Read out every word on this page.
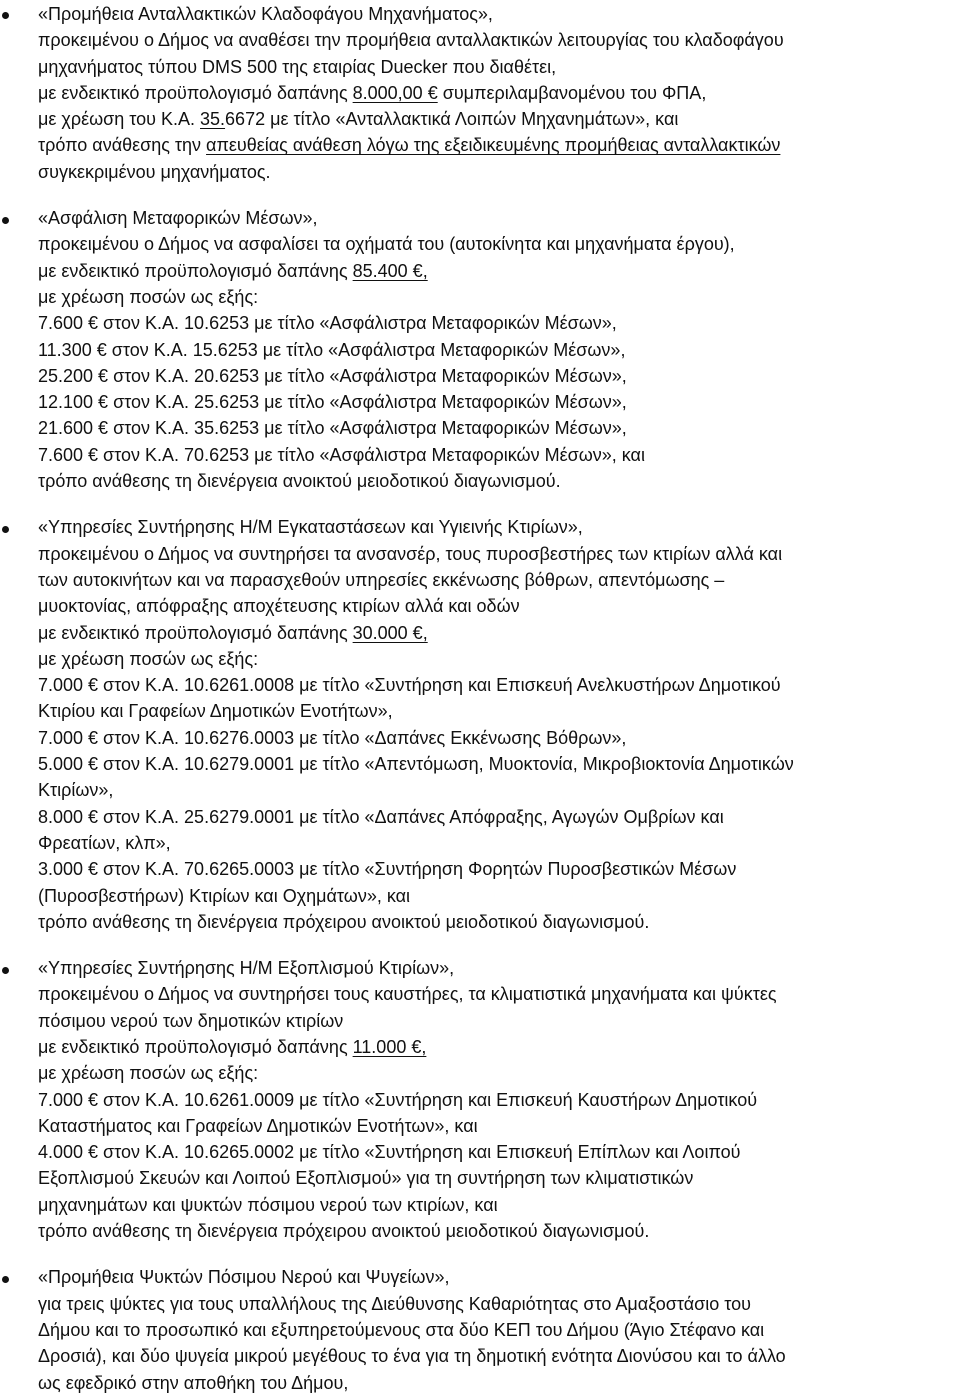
«Προμήθεια Ανταλλακτικών Κλαδοφάγου Μηχανήματος»,
προκειμένου ο Δήμος να αναθέσει την προμήθεια ανταλλακτικών λειτουργίας του κλαδοφάγου
μηχανήματος τύπου DMS 500 της εταιρίας Duecker που διαθέτει,
με ενδεικτικό προϋπολογισμό δαπάνης 8.000,00 € συμπεριλαμβανομένου του ΦΠΑ,
με χρέωση του Κ.Α. 35.6672 με τίτλο «Ανταλλακτικά Λοιπών Μηχανημάτων», και
τρόπο ανάθεσης την απευθείας ανάθεση λόγω της εξειδικευμένης προμήθειας ανταλλακτικών
συγκεκριμένου μηχανήματος.
«Ασφάλιση Μεταφορικών Μέσων»,
προκειμένου ο Δήμος να ασφαλίσει τα οχήματά του (αυτοκίνητα και μηχανήματα έργου),
με ενδεικτικό προϋπολογισμό δαπάνης 85.400 €,
με χρέωση ποσών ως εξής:
7.600 € στον Κ.Α. 10.6253 με τίτλο «Ασφάλιστρα Μεταφορικών Μέσων»,
11.300 € στον Κ.Α. 15.6253 με τίτλο «Ασφάλιστρα Μεταφορικών Μέσων»,
25.200 € στον Κ.Α. 20.6253 με τίτλο «Ασφάλιστρα Μεταφορικών Μέσων»,
12.100 € στον Κ.Α. 25.6253 με τίτλο «Ασφάλιστρα Μεταφορικών Μέσων»,
21.600 € στον Κ.Α. 35.6253 με τίτλο «Ασφάλιστρα Μεταφορικών Μέσων»,
7.600 € στον Κ.Α. 70.6253 με τίτλο «Ασφάλιστρα Μεταφορικών Μέσων», και
τρόπο ανάθεσης τη διενέργεια ανοικτού μειοδοτικού διαγωνισμού.
«Υπηρεσίες Συντήρησης Η/Μ Εγκαταστάσεων και Υγιεινής Κτιρίων»,
προκειμένου ο Δήμος να συντηρήσει τα ανσανσέρ, τους πυροσβεστήρες των κτιρίων αλλά και
των αυτοκινήτων και να παρασχεθούν υπηρεσίες εκκένωσης βόθρων, απεντόμωσης –
μυοκτονίας, απόφραξης αποχέτευσης κτιρίων αλλά και οδών
με ενδεικτικό προϋπολογισμό δαπάνης 30.000 €,
με χρέωση ποσών ως εξής:
7.000 € στον Κ.Α. 10.6261.0008 με τίτλο «Συντήρηση και Επισκευή Ανελκυστήρων Δημοτικού
Κτιρίου και Γραφείων Δημοτικών Ενοτήτων»,
7.000 € στον Κ.Α. 10.6276.0003 με τίτλο «Δαπάνες Εκκένωσης Βόθρων»,
5.000 € στον Κ.Α. 10.6279.0001 με τίτλο «Απεντόμωση, Μυοκτονία, Μικροβιοκτονία Δημοτικών
Κτιρίων»,
8.000 € στον Κ.Α. 25.6279.0001 με τίτλο «Δαπάνες Απόφραξης, Αγωγών Ομβρίων και
Φρεατίων, κλπ»,
3.000 € στον Κ.Α. 70.6265.0003 με τίτλο «Συντήρηση Φορητών Πυροσβεστικών Μέσων
(Πυροσβεστήρων) Κτιρίων και Οχημάτων», και
τρόπο ανάθεσης τη διενέργεια πρόχειρου ανοικτού μειοδοτικού διαγωνισμού.
«Υπηρεσίες Συντήρησης Η/Μ Εξοπλισμού Κτιρίων»,
προκειμένου ο Δήμος να συντηρήσει τους καυστήρες, τα κλιματιστικά μηχανήματα και ψύκτες
πόσιμου νερού των δημοτικών κτιρίων
με ενδεικτικό προϋπολογισμό δαπάνης 11.000 €,
με χρέωση ποσών ως εξής:
7.000 € στον Κ.Α. 10.6261.0009 με τίτλο «Συντήρηση και Επισκευή Καυστήρων Δημοτικού
Καταστήματος και Γραφείων Δημοτικών Ενοτήτων», και
4.000 € στον Κ.Α. 10.6265.0002 με τίτλο «Συντήρηση και Επισκευή Επίπλων και Λοιπού
Εξοπλισμού Σκευών και Λοιπού Εξοπλισμού» για τη συντήρηση των κλιματιστικών
μηχανημάτων και ψυκτών πόσιμου νερού των κτιρίων, και
τρόπο ανάθεσης τη διενέργεια πρόχειρου ανοικτού μειοδοτικού διαγωνισμού.
«Προμήθεια Ψυκτών Πόσιμου Νερού και Ψυγείων»,
για τρεις ψύκτες για τους υπαλλήλους της Διεύθυνσης Καθαριότητας στο Αμαξοστάσιο του
Δήμου και το προσωπικό και εξυπηρετούμενους στα δύο ΚΕΠ του Δήμου (Άγιο Στέφανο και
Δροσιά), και δύο ψυγεία μικρού μεγέθους το ένα για τη δημοτική ενότητα Διονύσου και το άλλο
ως εφεδρικό στην αποθήκη του Δήμου,
